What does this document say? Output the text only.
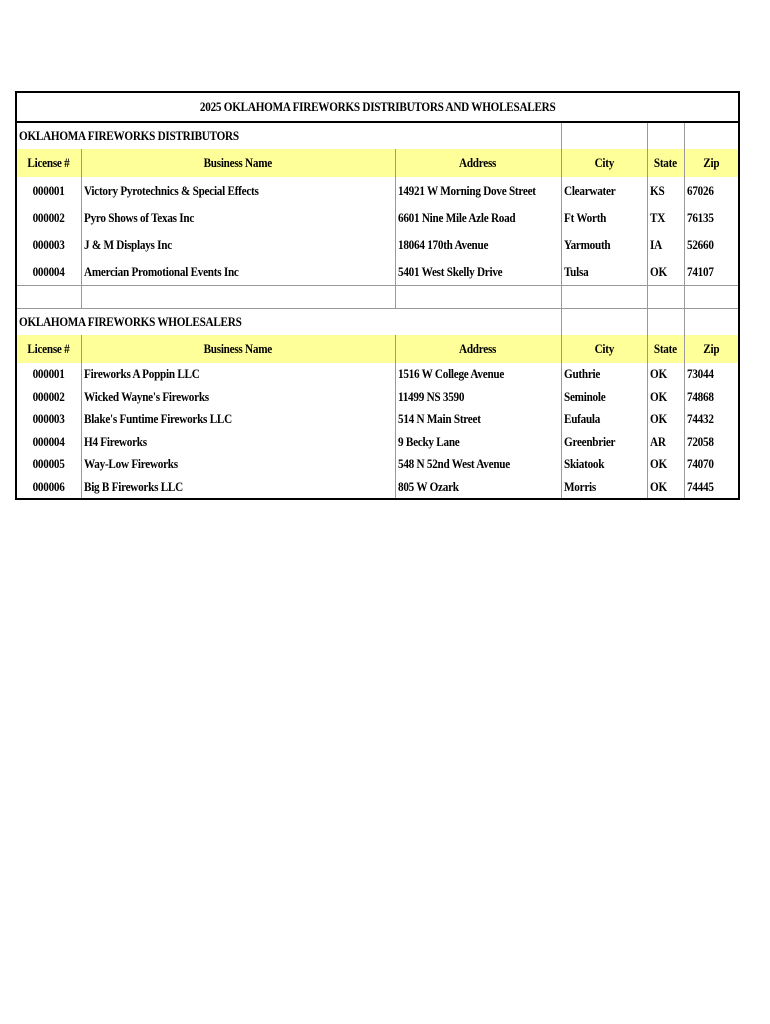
2025 OKLAHOMA FIREWORKS DISTRIBUTORS AND WHOLESALERS					
OKLAHOMA FIREWORKS DISTRIBUTORS					
License #	Business Name	Address	City	State	Zip
000001	Victory Pyrotechnics & Special Effects	14921 W Morning Dove Street	Clearwater	KS	67026
000002	Pyro Shows of Texas Inc	6601 Nine Mile Azle Road	Ft Worth	TX	76135
000003	J & M Displays Inc	18064 170th Avenue	Yarmouth	IA	52660
000004	Amercian Promotional Events Inc	5401 West Skelly Drive	Tulsa	OK	74107

OKLAHOMA FIREWORKS WHOLESALERS					
License #	Business Name	Address	City	State	Zip
000001	Fireworks A Poppin LLC	1516 W College Avenue	Guthrie	OK	73044
000002	Wicked Wayne's Fireworks	11499 NS 3590	Seminole	OK	74868
000003	Blake's Funtime Fireworks LLC	514 N Main Street	Eufaula	OK	74432
000004	H4 Fireworks	9 Becky Lane	Greenbrier	AR	72058
000005	Way-Low Fireworks	548 N 52nd West Avenue	Skiatook	OK	74070
000006	Big B Fireworks LLC	805 W Ozark	Morris	OK	74445
